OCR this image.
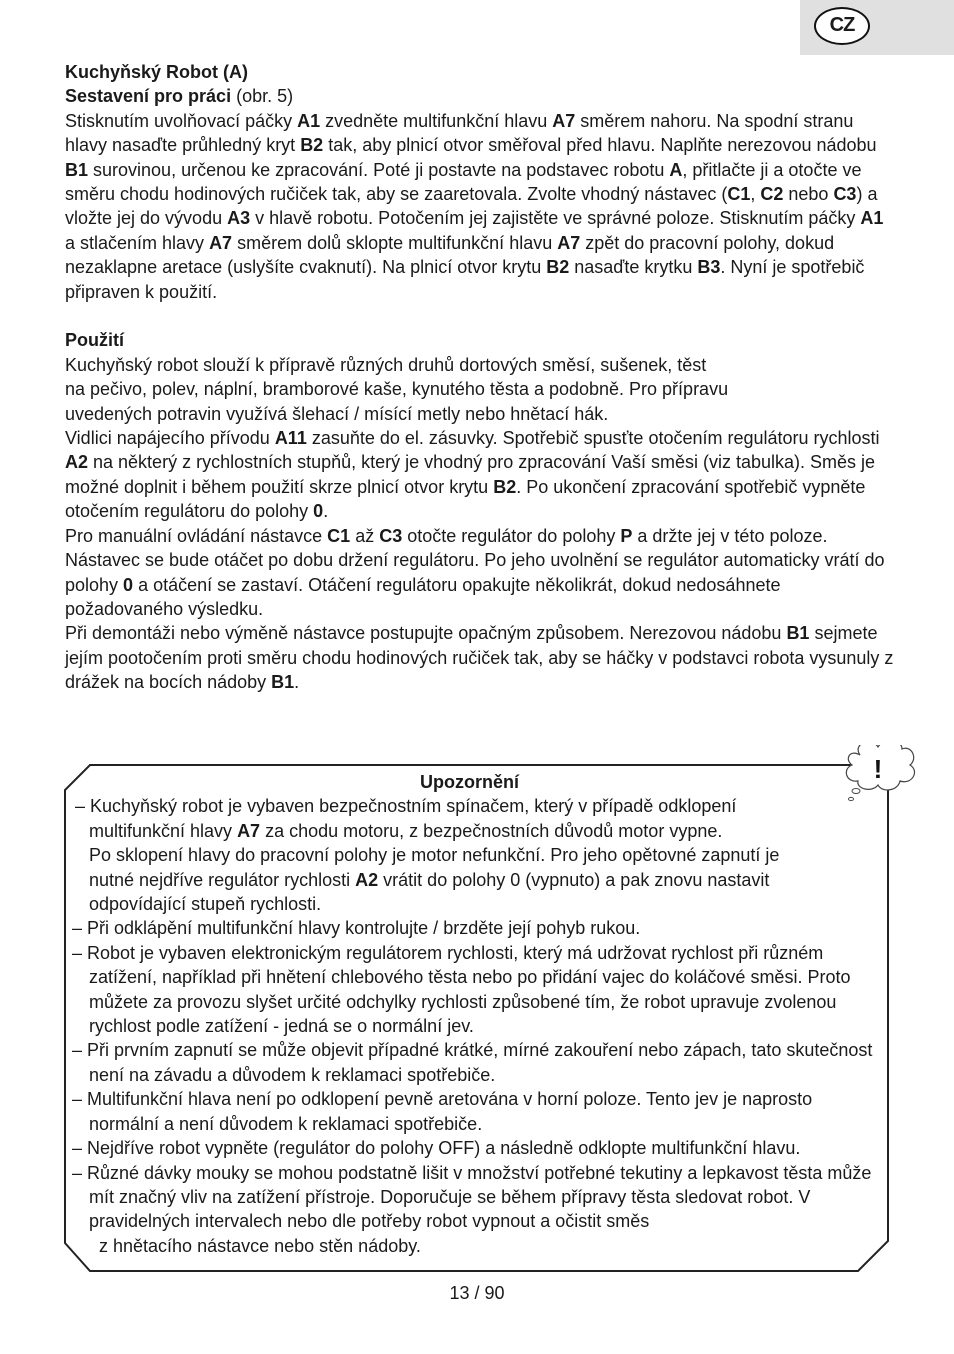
CZ

Kuchyňský Robot (A)

Sestavení pro práci (obr. 5)

Stisknutím uvolňovací páčky A1 zvedněte multifunkční hlavu A7 směrem nahoru. Na spodní stranu hlavy nasaďte průhledný kryt B2 tak, aby plnicí otvor směřoval před hlavu. Naplňte nerezovou nádobu B1 surovinou, určenou ke zpracování. Poté ji postavte na podstavec robotu A, přitlačte ji a otočte ve směru chodu hodinových ručiček tak, aby se zaaretovala. Zvolte vhodný nástavec (C1, C2 nebo C3) a vložte jej do vývodu A3 v hlavě robotu. Potočením jej zajistěte ve správné poloze. Stisknutím páčky A1 a stlačením hlavy A7 směrem dolů sklopte multifunkční hlavu A7 zpět do pracovní polohy, dokud nezaklapne aretace (uslyšíte cvaknutí). Na plnicí otvor krytu B2 nasaďte krytku B3. Nyní je spotřebič připraven k použití.

Použití

Kuchyňský robot slouží k přípravě různých druhů dortových směsí, sušenek, těst

na pečivo, polev, náplní, bramborové kaše, kynutého těsta a podobně. Pro přípravu

uvedených potravin využívá šlehací / mísící metly nebo hnětací hák.

Vidlici napájecího přívodu A11 zasuňte do el. zásuvky. Spotřebič spusťte otočením regulátoru rychlosti A2 na některý z rychlostních stupňů, který je vhodný pro zpracování Vaší směsi (viz tabulka). Směs je možné doplnit i během použití skrze plnicí otvor krytu B2. Po ukončení zpracování spotřebič vypněte otočením regulátoru do polohy 0.

Pro manuální ovládání nástavce C1 až C3 otočte regulátor do polohy P a držte jej v této poloze. Nástavec se bude otáčet po dobu držení regulátoru. Po jeho uvolnění se regulátor automaticky vrátí do polohy 0 a otáčení se zastaví. Otáčení regulátoru opakujte několikrát, dokud nedosáhnete požadovaného výsledku.

Při demontáži nebo výměně nástavce postupujte opačným způsobem. Nerezovou nádobu B1 sejmete jejím pootočením proti směru chodu hodinových ručiček tak, aby se háčky v podstavci robota vysunuly z drážek na bocích nádoby B1.

!
Upozornění
– Kuchyňský robot je vybaven bezpečnostním spínačem, který v případě odklopení
multifunkční hlavy A7 za chodu motoru, z bezpečnostních důvodů motor vypne.
Po sklopení hlavy do pracovní polohy je motor nefunkční. Pro jeho opětovné zapnutí je
nutné nejdříve regulátor rychlosti A2 vrátit do polohy 0 (vypnuto) a pak znovu nastavit
odpovídající stupeň rychlosti.
– Při odklápění multifunkční hlavy kontrolujte / brzděte její pohyb rukou.
– Robot je vybaven elektronickým regulátorem rychlosti, který má udržovat rychlost při různém zatížení, například při hnětení chlebového těsta nebo po přidání vajec do koláčové směsi. Proto můžete za provozu slyšet určité odchylky rychlosti způsobené tím, že robot upravuje zvolenou rychlost podle zatížení - jedná se o normální jev.
– Při prvním zapnutí se může objevit případné krátké, mírné zakouření nebo zápach, tato skutečnost není na závadu a důvodem k reklamaci spotřebiče.
– Multifunkční hlava není po odklopení pevně aretována v horní poloze. Tento jev je naprosto normální a není důvodem k reklamaci spotřebiče.
– Nejdříve robot vypněte (regulátor do polohy OFF) a následně odklopte multifunkční hlavu.
– Různé dávky mouky se mohou podstatně lišit v množství potřebné tekutiny a lepkavost těsta může mít značný vliv na zatížení přístroje. Doporučuje se během přípravy těsta sledovat robot. V pravidelných intervalech nebo dle potřeby robot vypnout a očistit směs
z hnětacího nástavce nebo stěn nádoby.
13 / 90
